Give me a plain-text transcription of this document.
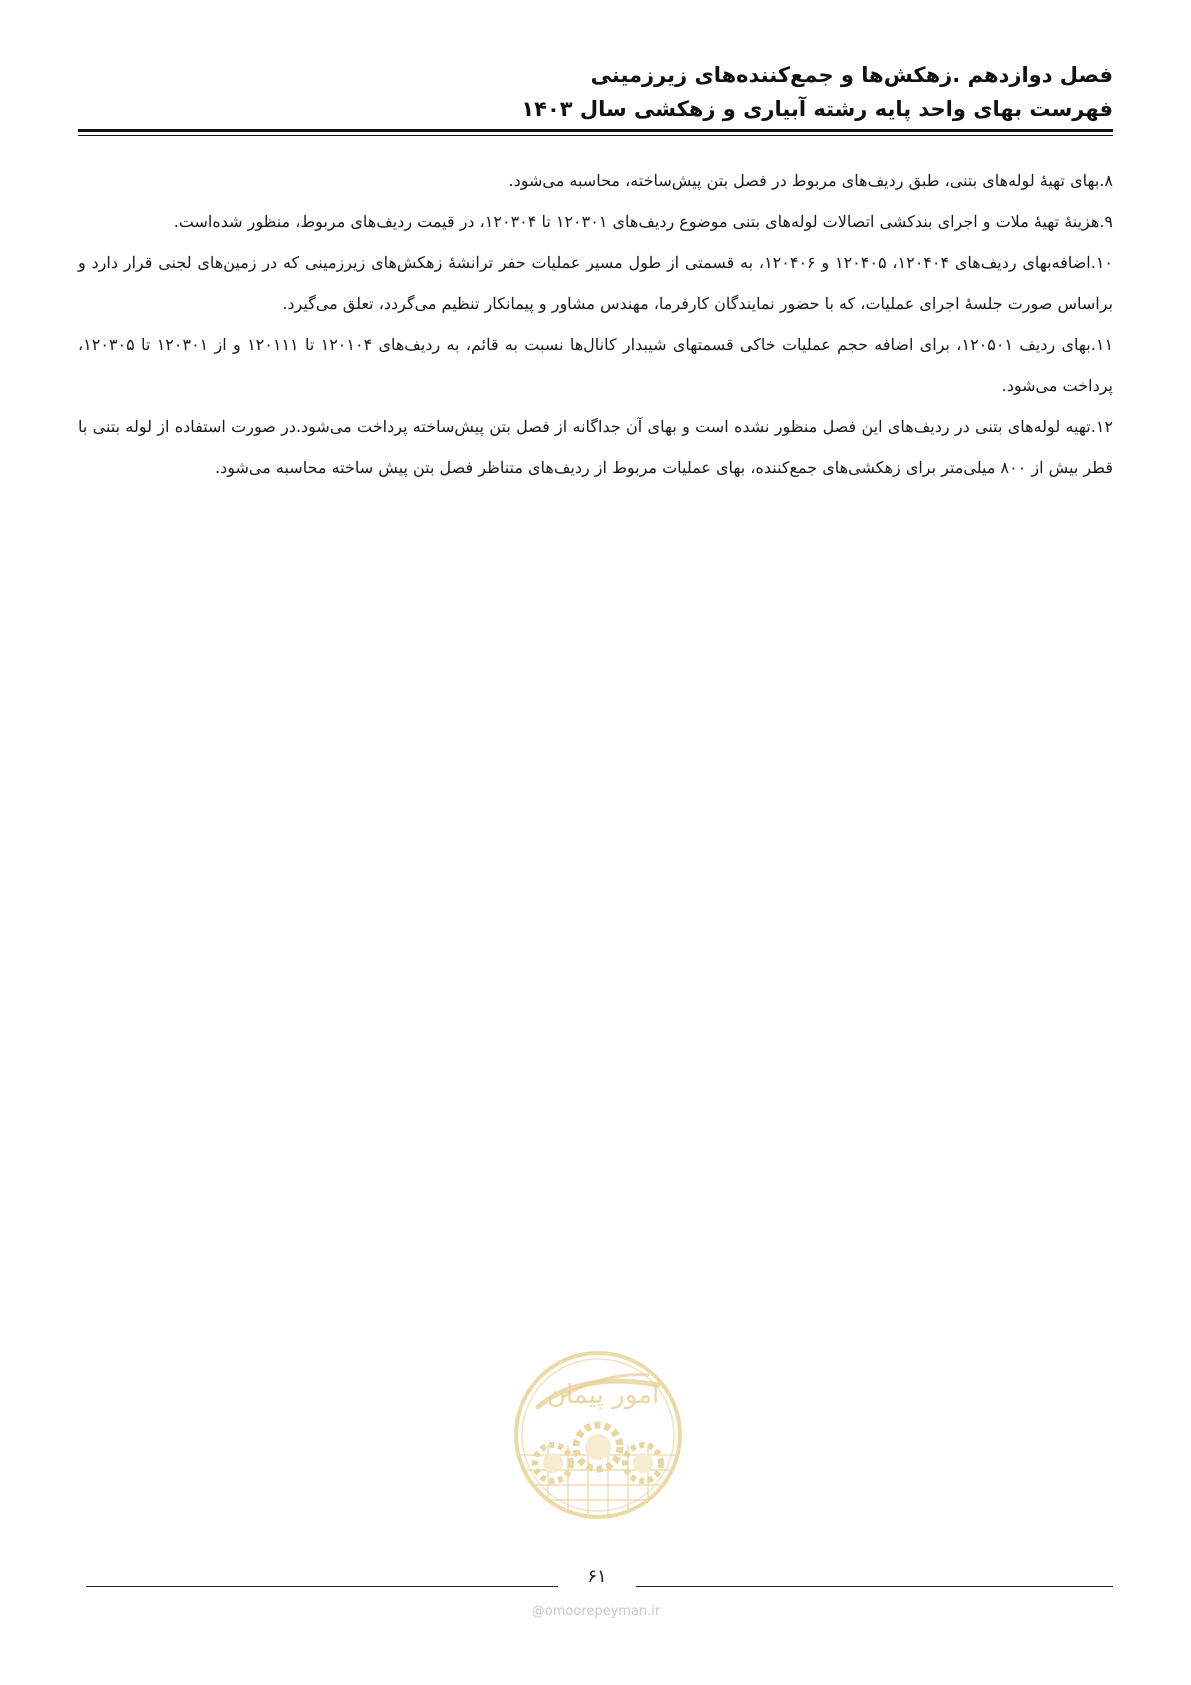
فصل دوازدهم .زهکش‌ها و جمع‌کننده‌های زیرزمینی
فهرست بهای واحد پایه رشته آبیاری و زهکشی سال ۱۴۰۳

۸.بهای تهیهٔ لوله‌های بتنی، طبق ردیف‌های مربوط در فصل بتن پیش‌ساخته، محاسبه می‌شود.

۹.هزینهٔ تهیهٔ ملات و اجرای بندکشی اتصالات لوله‌های بتنی موضوع ردیف‌های ۱۲۰۳۰۱ تا ۱۲۰۳۰۴، در قیمت ردیف‌های مربوط، منظور شده‌است.

۱۰.اضافه‌بهای ردیف‌های ۱۲۰۴۰۴، ۱۲۰۴۰۵ و ۱۲۰۴۰۶، به قسمتی از طول مسیر عملیات حفر ترانشهٔ زهکش‌های زیرزمینی که در زمین‌های لجنی قرار دارد و براساس صورت جلسهٔ اجرای عملیات، که با حضور نمایندگان کارفرما، مهندس مشاور و پیمانکار تنظیم می‌گردد، تعلق می‌گیرد.

۱۱.بهای ردیف ۱۲۰۵۰۱، برای اضافه حجم عملیات خاکی قسمتهای شیبدار کانال‌ها نسبت به قائم، به ردیف‌های ۱۲۰۱۰۴ تا ۱۲۰۱۱۱ و از ۱۲۰۳۰۱ تا ۱۲۰۳۰۵، پرداخت می‌شود.

۱۲.تهیه لوله‌های بتنی در ردیف‌های این فصل منظور نشده است و بهای آن جداگانه از فصل بتن پیش‌ساخته پرداخت می‌شود.در صورت استفاده از لوله بتنی با قطر بیش از ۸۰۰ میلی‌متر برای زهکشی‌های جمع‌کننده، بهای عملیات مربوط از ردیف‌های متناظر فصل بتن پیش ساخته محاسبه می‌شود.

امور پیمان
۶۱
@omoorepeyman.ir
